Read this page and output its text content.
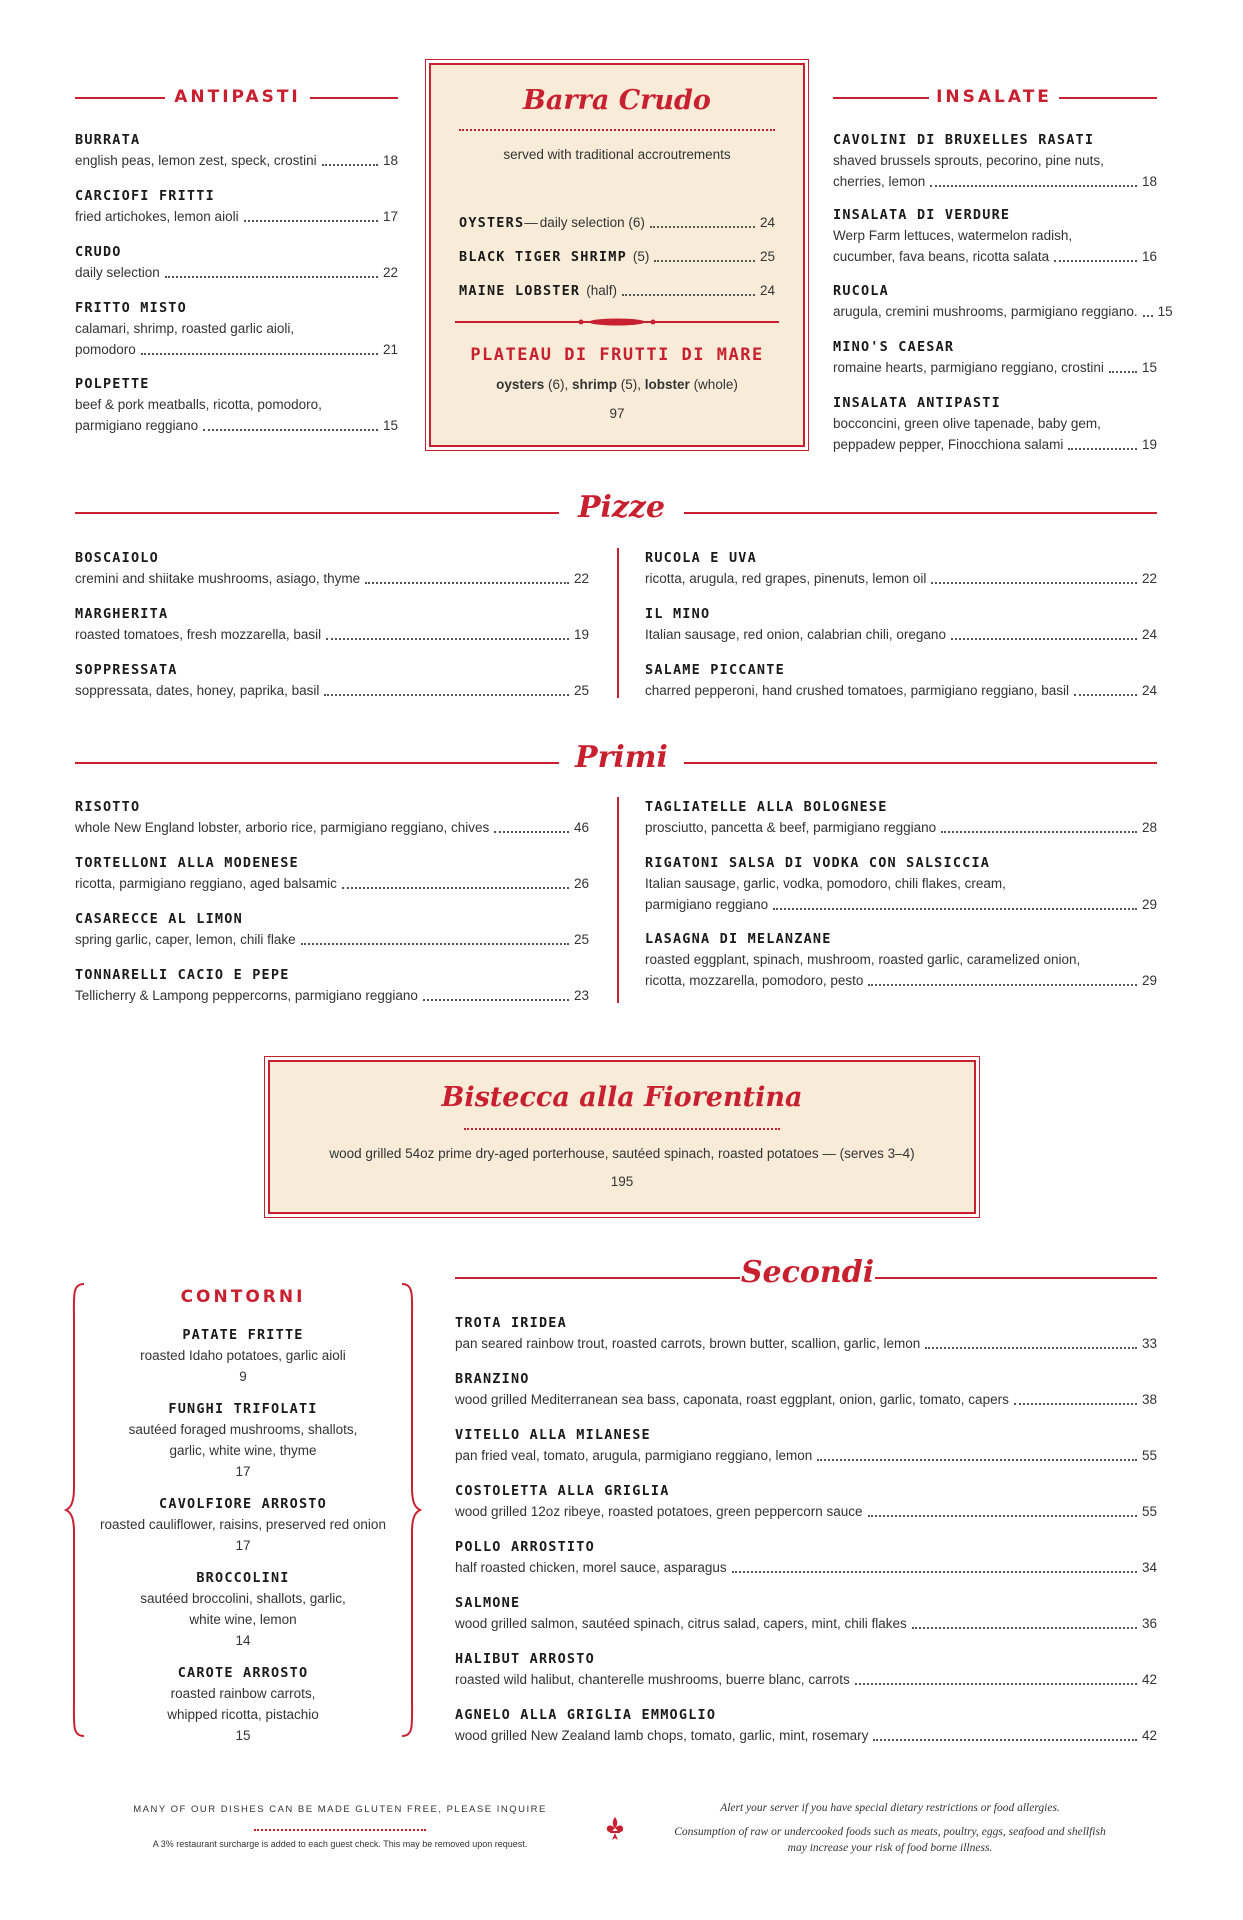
ANTIPASTI
BURRATA
english peas, lemon zest, speck, crostini	18
CARCIOFI FRITTI
fried artichokes, lemon aioli	17
CRUDO
daily selection	22
FRITTO MISTO
calamari, shrimp, roasted garlic aioli,
pomodoro	21
POLPETTE
beef & pork meatballs, ricotta, pomodoro,
parmigiano reggiano	15
Barra Crudo
served with traditional accroutrements
OYSTERS — daily selection (6)	24
BLACK TIGER SHRIMP (5)	25
MAINE LOBSTER (half)	24
PLATEAU DI FRUTTI DI MARE
oysters (6), shrimp (5), lobster (whole)
97
INSALATE
CAVOLINI DI BRUXELLES RASATI
shaved brussels sprouts, pecorino, pine nuts,
cherries, lemon	18
INSALATA DI VERDURE
Werp Farm lettuces, watermelon radish,
cucumber, fava beans, ricotta salata	16
RUCOLA
arugula, cremini mushrooms, parmigiano reggiano. 15
MINO'S CAESAR
romaine hearts, parmigiano reggiano, crostini	15
INSALATA ANTIPASTI
bocconcini, green olive tapenade, baby gem,
peppadew pepper, Finocchiona salami	19
Pizze
BOSCAIOLO
cremini and shiitake mushrooms, asiago, thyme	22
MARGHERITA
roasted tomatoes, fresh mozzarella, basil	19
SOPPRESSATA
soppressata, dates, honey, paprika, basil	25
RUCOLA E UVA
ricotta, arugula, red grapes, pinenuts, lemon oil	22
IL MINO
Italian sausage, red onion, calabrian chili, oregano	24
SALAME PICCANTE
charred pepperoni, hand crushed tomatoes, parmigiano reggiano, basil	24
Primi
RISOTTO
whole New England lobster, arborio rice, parmigiano reggiano, chives	46
TORTELLONI ALLA MODENESE
ricotta, parmigiano reggiano, aged balsamic	26
CASARECCE AL LIMON
spring garlic, caper, lemon, chili flake	25
TONNARELLI CACIO E PEPE
Tellicherry & Lampong peppercorns, parmigiano reggiano	23
TAGLIATELLE ALLA BOLOGNESE
prosciutto, pancetta & beef, parmigiano reggiano	28
RIGATONI SALSA DI VODKA CON SALSICCIA
Italian sausage, garlic, vodka, pomodoro, chili flakes, cream,
parmigiano reggiano	29
LASAGNA DI MELANZANE
roasted eggplant, spinach, mushroom, roasted garlic, caramelized onion,
ricotta, mozzarella, pomodoro, pesto	29
Bistecca alla Fiorentina
wood grilled 54oz prime dry-aged porterhouse, sautéed spinach, roasted potatoes — (serves 3–4)
195
CONTORNI
PATATE FRITTE
roasted Idaho potatoes, garlic aioli
9
FUNGHI TRIFOLATI
sautéed foraged mushrooms, shallots,
garlic, white wine, thyme
17
CAVOLFIORE ARROSTO
roasted cauliflower, raisins, preserved red onion
17
BROCCOLINI
sautéed broccolini, shallots, garlic,
white wine, lemon
14
CAROTE ARROSTO
roasted rainbow carrots,
whipped ricotta, pistachio
15
Secondi
TROTA IRIDEA
pan seared rainbow trout, roasted carrots, brown butter, scallion, garlic, lemon	33
BRANZINO
wood grilled Mediterranean sea bass, caponata, roast eggplant, onion, garlic, tomato, capers	38
VITELLO ALLA MILANESE
pan fried veal, tomato, arugula, parmigiano reggiano, lemon	55
COSTOLETTA ALLA GRIGLIA
wood grilled 12oz ribeye, roasted potatoes, green peppercorn sauce	55
POLLO ARROSTITO
half roasted chicken, morel sauce, asparagus	34
SALMONE
wood grilled salmon, sautéed spinach, citrus salad, capers, mint, chili flakes	36
HALIBUT ARROSTO
roasted wild halibut, chanterelle mushrooms, buerre blanc, carrots	42
AGNELO ALLA GRIGLIA EMMOGLIO
wood grilled New Zealand lamb chops, tomato, garlic, mint, rosemary	42
MANY OF OUR DISHES CAN BE MADE GLUTEN FREE, PLEASE INQUIRE
A 3% restaurant surcharge is added to each guest check. This may be removed upon request.
Alert your server if you have special dietary restrictions or food allergies.
Consumption of raw or undercooked foods such as meats, poultry, eggs, seafood and shellfish
may increase your risk of food borne illness.
